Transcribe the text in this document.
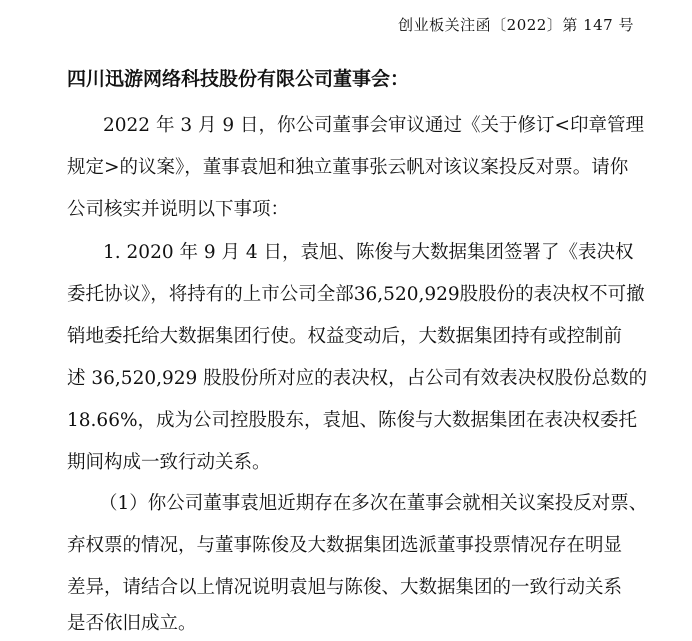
创业板关注函〔2022〕第 147 号
四川迅游网络科技股份有限公司董事会：
2022 年 3 月 9 日，你公司董事会审议通过《关于修订<印章管理
规定>的议案》，董事袁旭和独立董事张云帆对该议案投反对票。请你
公司核实并说明以下事项：
1. 2020 年 9 月 4 日，袁旭、陈俊与大数据集团签署了《表决权
委托协议》，将持有的上市公司全部36,520,929股股份的表决权不可撤
销地委托给大数据集团行使。权益变动后，大数据集团持有或控制前
述 36,520,929 股股份所对应的表决权，占公司有效表决权股份总数的
18.66%，成为公司控股股东，袁旭、陈俊与大数据集团在表决权委托
期间构成一致行动关系。
（1）你公司董事袁旭近期存在多次在董事会就相关议案投反对票、
弃权票的情况，与董事陈俊及大数据集团选派董事投票情况存在明显
差异，请结合以上情况说明袁旭与陈俊、大数据集团的一致行动关系
是否依旧成立。
